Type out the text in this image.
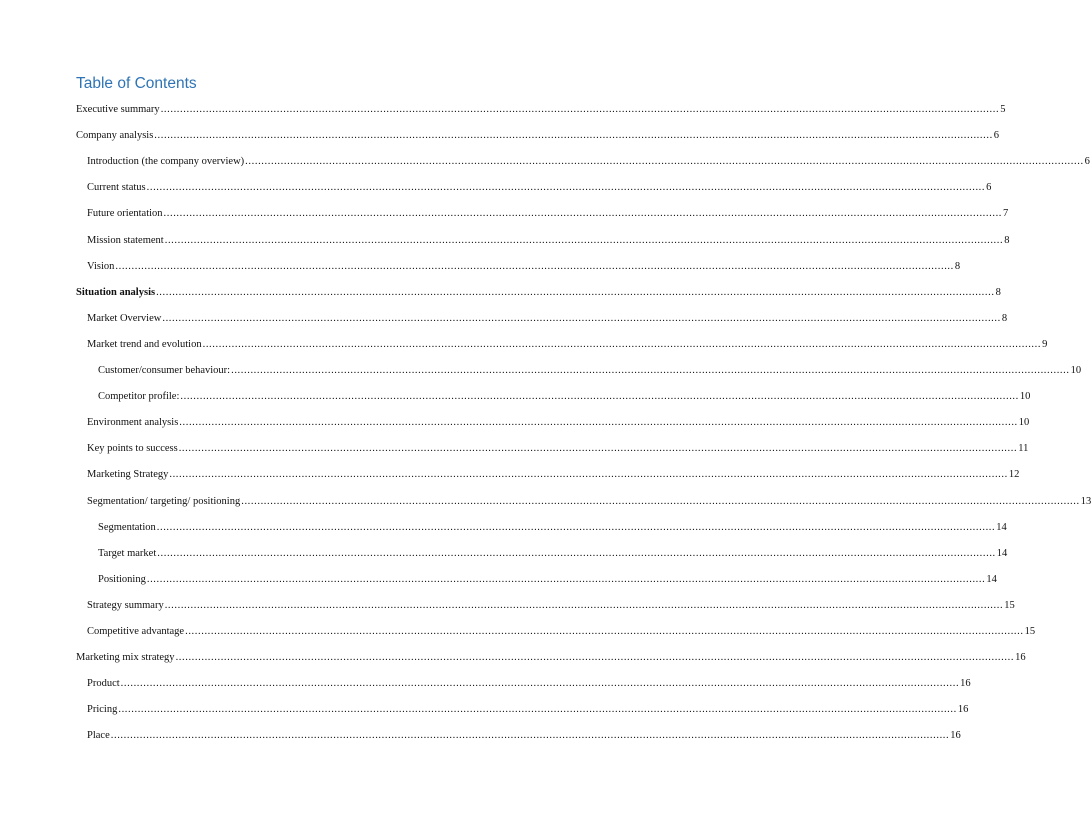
Table of Contents
Executive summary .................................................................................................................................................................................................................................................................... 5
Company analysis .................................................................................................................................................................................................................................................................... 6
Introduction (the company overview) .................................................................................................................................................................................................................................................................... 6
Current status .................................................................................................................................................................................................................................................................... 6
Future orientation .................................................................................................................................................................................................................................................................... 7
Mission statement .................................................................................................................................................................................................................................................................... 8
Vision .................................................................................................................................................................................................................................................................... 8
Situation analysis .................................................................................................................................................................................................................................................................... 8
Market Overview .................................................................................................................................................................................................................................................................... 8
Market trend and evolution .................................................................................................................................................................................................................................................................... 9
Customer/consumer behaviour: .................................................................................................................................................................................................................................................................... 10
Competitor profile: .................................................................................................................................................................................................................................................................... 10
Environment analysis .................................................................................................................................................................................................................................................................... 10
Key points to success .................................................................................................................................................................................................................................................................... 11
Marketing Strategy .................................................................................................................................................................................................................................................................... 12
Segmentation/ targeting/ positioning .................................................................................................................................................................................................................................................................... 13
Segmentation .................................................................................................................................................................................................................................................................... 14
Target market .................................................................................................................................................................................................................................................................... 14
Positioning .................................................................................................................................................................................................................................................................... 14
Strategy summary .................................................................................................................................................................................................................................................................... 15
Competitive advantage .................................................................................................................................................................................................................................................................... 15
Marketing mix strategy .................................................................................................................................................................................................................................................................... 16
Product .................................................................................................................................................................................................................................................................... 16
Pricing .................................................................................................................................................................................................................................................................... 16
Place .................................................................................................................................................................................................................................................................... 16
